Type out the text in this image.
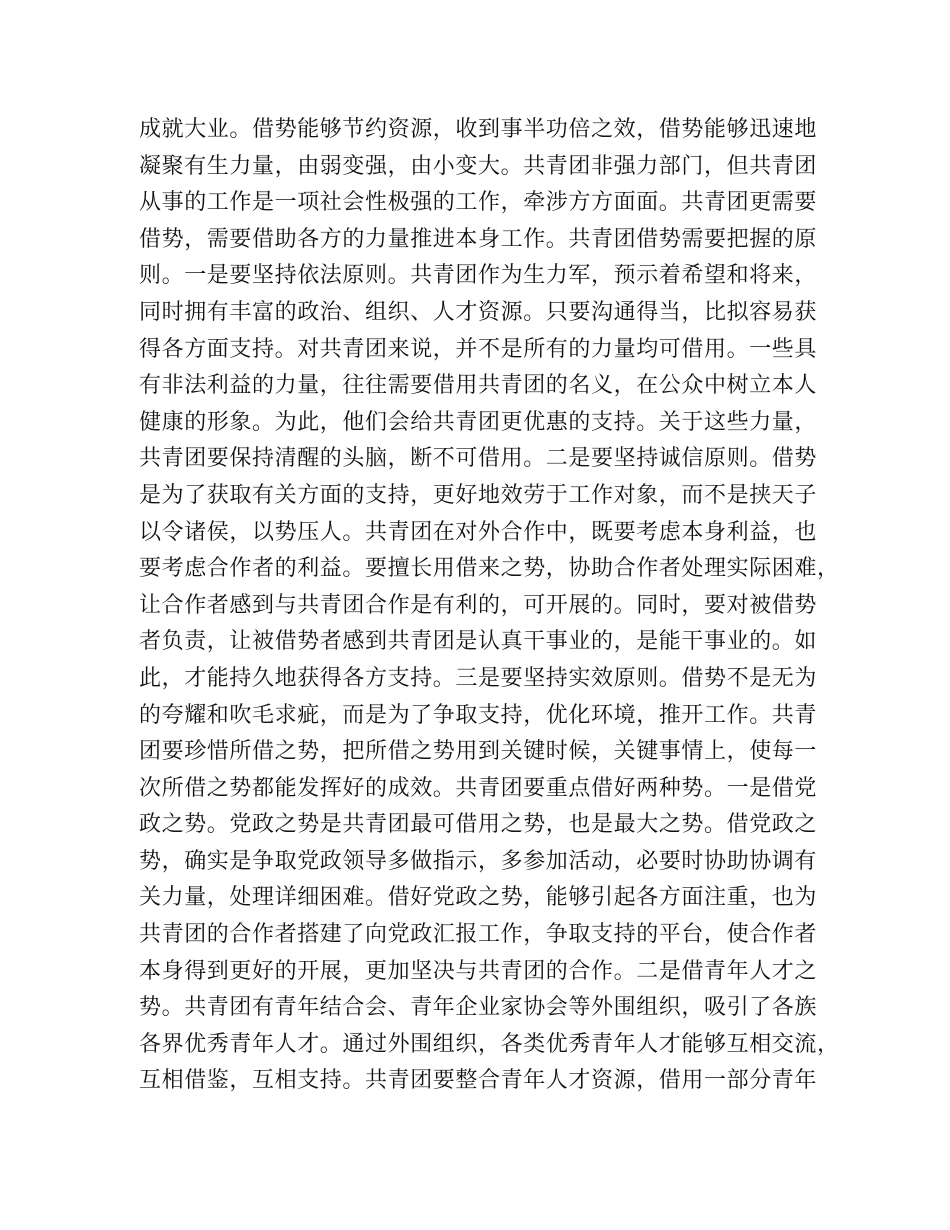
成就大业。借势能够节约资源，收到事半功倍之效，借势能够迅速地
凝聚有生力量，由弱变强，由小变大。共青团非强力部门，但共青团
从事的工作是一项社会性极强的工作，牵涉方方面面。共青团更需要
借势，需要借助各方的力量推进本身工作。共青团借势需要把握的原
则。一是要坚持依法原则。共青团作为生力军，预示着希望和将来，
同时拥有丰富的政治、组织、人才资源。只要沟通得当，比拟容易获
得各方面支持。对共青团来说，并不是所有的力量均可借用。一些具
有非法利益的力量，往往需要借用共青团的名义，在公众中树立本人
健康的形象。为此，他们会给共青团更优惠的支持。关于这些力量，
共青团要保持清醒的头脑，断不可借用。二是要坚持诚信原则。借势
是为了获取有关方面的支持，更好地效劳于工作对象，而不是挟天子
以令诸侯，以势压人。共青团在对外合作中，既要考虑本身利益，也
要考虑合作者的利益。要擅长用借来之势，协助合作者处理实际困难，
让合作者感到与共青团合作是有利的，可开展的。同时，要对被借势
者负责，让被借势者感到共青团是认真干事业的，是能干事业的。如
此，才能持久地获得各方支持。三是要坚持实效原则。借势不是无为
的夸耀和吹毛求疵，而是为了争取支持，优化环境，推开工作。共青
团要珍惜所借之势，把所借之势用到关键时候，关键事情上，使每一
次所借之势都能发挥好的成效。共青团要重点借好两种势。一是借党
政之势。党政之势是共青团最可借用之势，也是最大之势。借党政之
势，确实是争取党政领导多做指示，多参加活动，必要时协助协调有
关力量，处理详细困难。借好党政之势，能够引起各方面注重，也为
共青团的合作者搭建了向党政汇报工作，争取支持的平台，使合作者
本身得到更好的开展，更加坚决与共青团的合作。二是借青年人才之
势。共青团有青年结合会、青年企业家协会等外围组织，吸引了各族
各界优秀青年人才。通过外围组织，各类优秀青年人才能够互相交流，
互相借鉴，互相支持。共青团要整合青年人才资源，借用一部分青年
